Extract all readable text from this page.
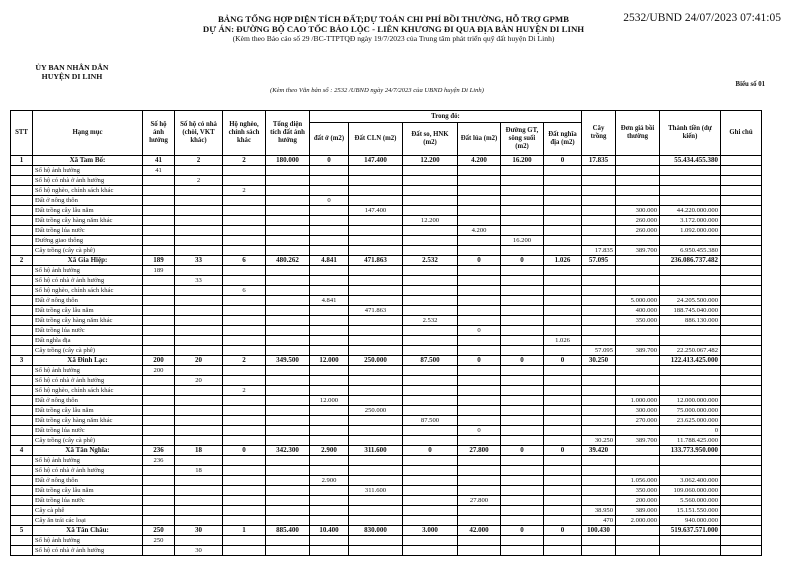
2532/UBND 24/07/2023 07:41:05
BẢNG TỔNG HỢP DIỆN TÍCH ĐẤT;DỰ TOÁN CHI PHÍ BỒI THƯỜNG, HỖ TRỢ GPMB
DỰ ÁN: ĐƯỜNG BỘ CAO TỐC BẢO LỘC - LIÊN KHƯƠNG ĐI QUA ĐỊA BÀN HUYỆN DI LINH
(Kèm theo Báo cáo số 29 /BC-TTPTQĐ ngày 19/7/2023 của Trung tâm phát triển quỹ đất huyện Di Linh)
ỦY BAN NHÂN DÂN
HUYỆN DI LINH
Biểu số 01
(Kèm theo Văn bản số : 2532 /UBND ngày 24/7/2023 của UBND huyện Di Linh)
STT	Hạng mục	Số hộ ảnh hưởng	Số hộ có nhà (chòi, VKT khác)	Hộ nghèo, chính sách khác	Tổng diện tích đất ảnh hưởng	Trong đó:						Cây trồng	Đơn giá bồi thường	Thành tiền (dự kiến)	Ghi chú
						đất ở (m2)	Đất CLN (m2)	Đất so, HNK (m2)	Đất lúa (m2)	Đường GT, sông suối (m2)	Đất nghĩa địa (m2)				
1	Xã Tam Bố:	41	2	2	180.000	0	147.400	12.200	4.200	16.200	0	17.835		55.434.455.380	
	Số hộ ảnh hưởng	41													
	Số hộ có nhà ở ảnh hưởng		2												
	Số hộ nghèo, chính sách khác			2											
	Đất ở nông thôn					0									
	Đất trồng cây lâu năm						147.400						300.000	44.220.000.000	
	Đất trồng cây hàng năm khác							12.200					260.000	3.172.000.000	
	Đất trồng lúa nước								4.200				260.000	1.092.000.000	
	Đường giao thông									16.200					
	Cây trồng (cây cà phê)											17.835	389.700	6.950.455.380	
2	Xã Gia Hiệp:	189	33	6	480.262	4.841	471.863	2.532	0	0	1.026	57.095		236.086.737.482	
	Số hộ ảnh hưởng	189													
	Số hộ có nhà ở ảnh hưởng		33												
	Số hộ nghèo, chính sách khác			6											
	Đất ở nông thôn					4.841							5.000.000	24.205.500.000	
	Đất trồng cây lâu năm						471.863						400.000	188.745.040.000	
	Đất trồng cây hàng năm khác							2.532					350.000	886.130.000	
	Đất trồng lúa nước								0						
	Đất nghĩa địa										1.026				
	Cây trồng (cây cà phê)											57.095	389.700	22.250.067.482	
3	Xã Đinh Lạc:	200	20	2	349.500	12.000	250.000	87.500	0	0	0	30.250		122.413.425.000	
	Số hộ ảnh hưởng	200													
	Số hộ có nhà ở ảnh hưởng		20												
	Số hộ nghèo, chính sách khác			2											
	Đất ở nông thôn					12.000							1.000.000	12.000.000.000	
	Đất trồng cây lâu năm						250.000						300.000	75.000.000.000	
	Đất trồng cây hàng năm khác							87.500					270.000	23.625.000.000	
	Đất trồng lúa nước								0					0	
	Cây trồng (cây cà phê)											30.250	389.700	11.788.425.000	
4	Xã Tân Nghĩa:	236	18	0	342.300	2.900	311.600	0	27.800	0	0	39.420		133.773.950.000	
	Số hộ ảnh hưởng	236													
	Số hộ có nhà ở ảnh hưởng		18												
	Đất ở nông thôn					2.900							1.056.000	3.062.400.000	
	Đất trồng cây lâu năm						311.600						350.000	109.060.000.000	
	Đất trồng lúa nước								27.800				200.000	5.560.000.000	
	Cây cà phê											38.950	389.000	15.151.550.000	
	Cây ăn trái các loại											470	2.000.000	940.000.000	
5	Xã Tân Châu:	250	30	1	885.400	10.400	830.000	3.000	42.000	0	0	100.430		519.637.571.000	
	Số hộ ảnh hưởng	250													
	Số hộ có nhà ở ảnh hưởng		30												
